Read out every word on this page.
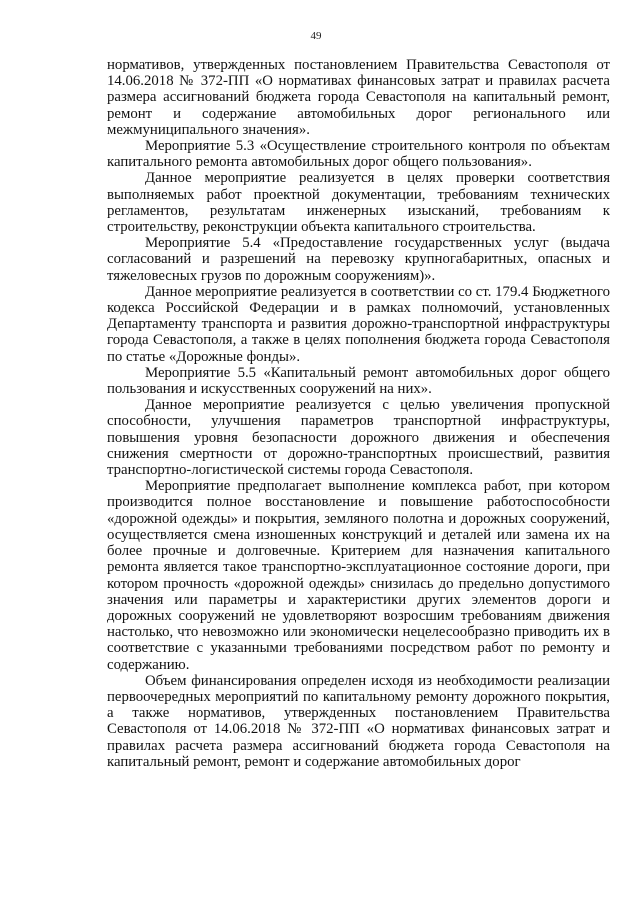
49

нормативов, утвержденных постановлением Правительства Севастополя от 14.06.2018 № 372-ПП «О нормативах финансовых затрат и правилах расчета размера ассигнований бюджета города Севастополя на капитальный ремонт, ремонт и содержание автомобильных дорог регионального или межмуниципального значения».

Мероприятие 5.3 «Осуществление строительного контроля по объектам капитального ремонта автомобильных дорог общего пользования».

Данное мероприятие реализуется в целях проверки соответствия выполняемых работ проектной документации, требованиям технических регламентов, результатам инженерных изысканий, требованиям к строительству, реконструкции объекта капитального строительства.

Мероприятие 5.4 «Предоставление государственных услуг (выдача согласований и разрешений на перевозку крупногабаритных, опасных и тяжеловесных грузов по дорожным сооружениям)».

Данное мероприятие реализуется в соответствии со ст. 179.4 Бюджетного кодекса Российской Федерации и в рамках полномочий, установленных Департаменту транспорта и развития дорожно-транспортной инфраструктуры города Севастополя, а также в целях пополнения бюджета города Севастополя по статье «Дорожные фонды».

Мероприятие 5.5 «Капитальный ремонт автомобильных дорог общего пользования и искусственных сооружений на них».

Данное мероприятие реализуется с целью увеличения пропускной способности, улучшения параметров транспортной инфраструктуры, повышения уровня безопасности дорожного движения и обеспечения снижения смертности от дорожно-транспортных происшествий, развития транспортно-логистической системы города Севастополя.

Мероприятие предполагает выполнение комплекса работ, при котором производится полное восстановление и повышение работоспособности «дорожной одежды» и покрытия, земляного полотна и дорожных сооружений, осуществляется смена изношенных конструкций и деталей или замена их на более прочные и долговечные. Критерием для назначения капитального ремонта является такое транспортно-эксплуатационное состояние дороги, при котором прочность «дорожной одежды» снизилась до предельно допустимого значения или параметры и характеристики других элементов дороги и дорожных сооружений не удовлетворяют возросшим требованиям движения настолько, что невозможно или экономически нецелесообразно приводить их в соответствие с указанными требованиями посредством работ по ремонту и содержанию.

Объем финансирования определен исходя из необходимости реализации первоочередных мероприятий по капитальному ремонту дорожного покрытия, а также нормативов, утвержденных постановлением Правительства Севастополя от 14.06.2018 № 372-ПП «О нормативах финансовых затрат и правилах расчета размера ассигнований бюджета города Севастополя на капитальный ремонт, ремонт и содержание автомобильных дорог
